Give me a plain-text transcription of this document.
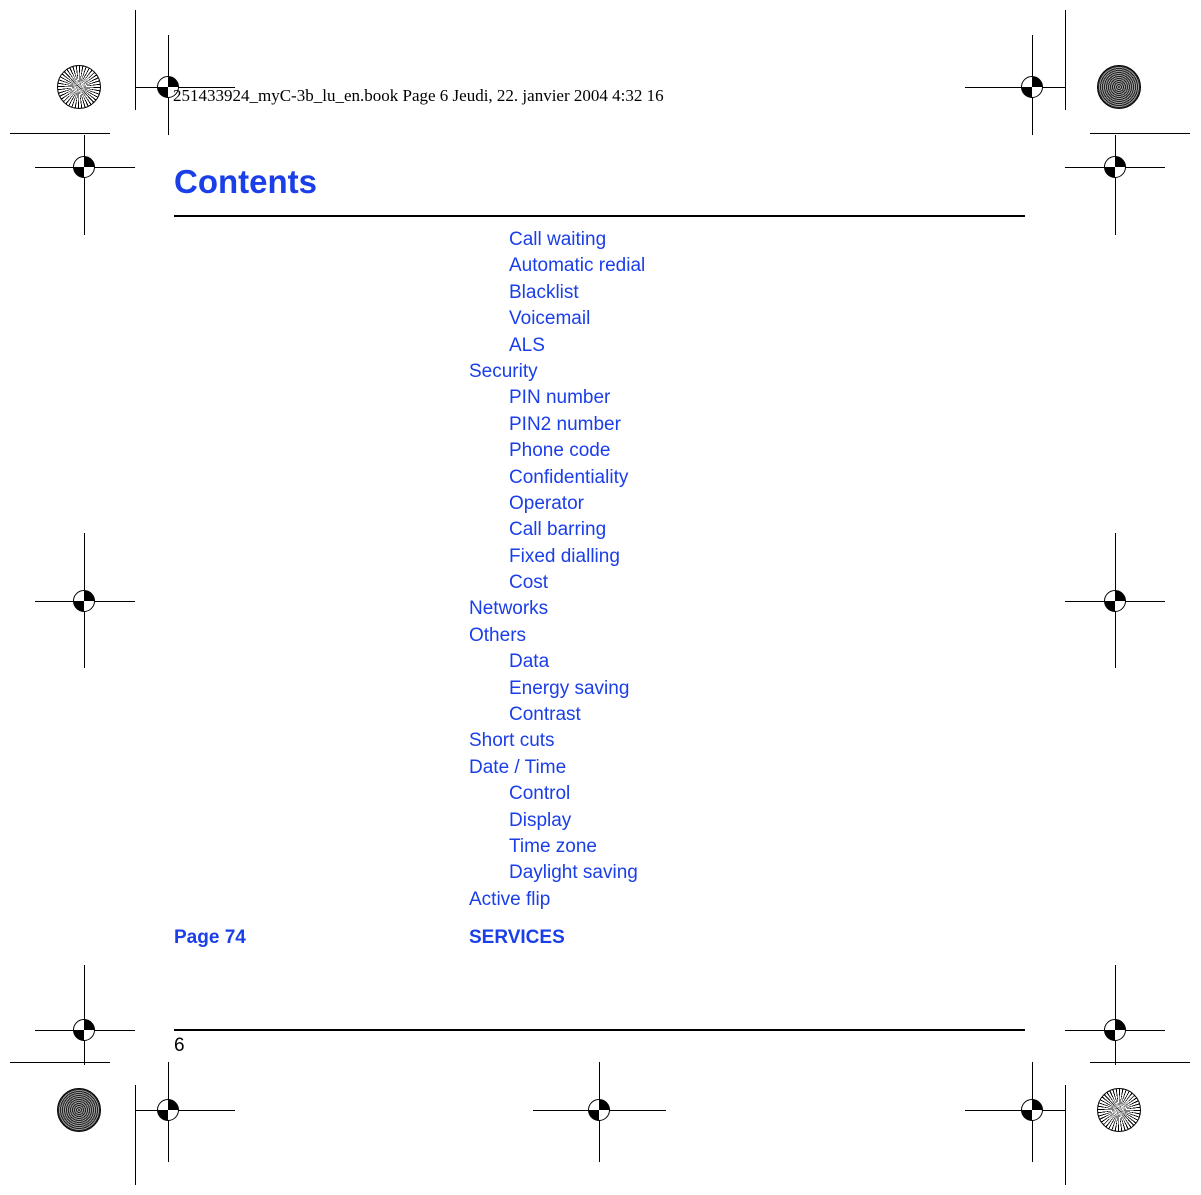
251433924_myC-3b_lu_en.book Page 6 Jeudi, 22. janvier 2004 4:32 16
Contents
Call waiting
Automatic redial
Blacklist
Voicemail
ALS
Security
PIN number
PIN2 number
Phone code
Confidentiality
Operator
Call barring
Fixed dialling
Cost
Networks
Others
Data
Energy saving
Contrast
Short cuts
Date / Time
Control
Display
Time zone
Daylight saving
Active flip
Page 74	SERVICES
6
